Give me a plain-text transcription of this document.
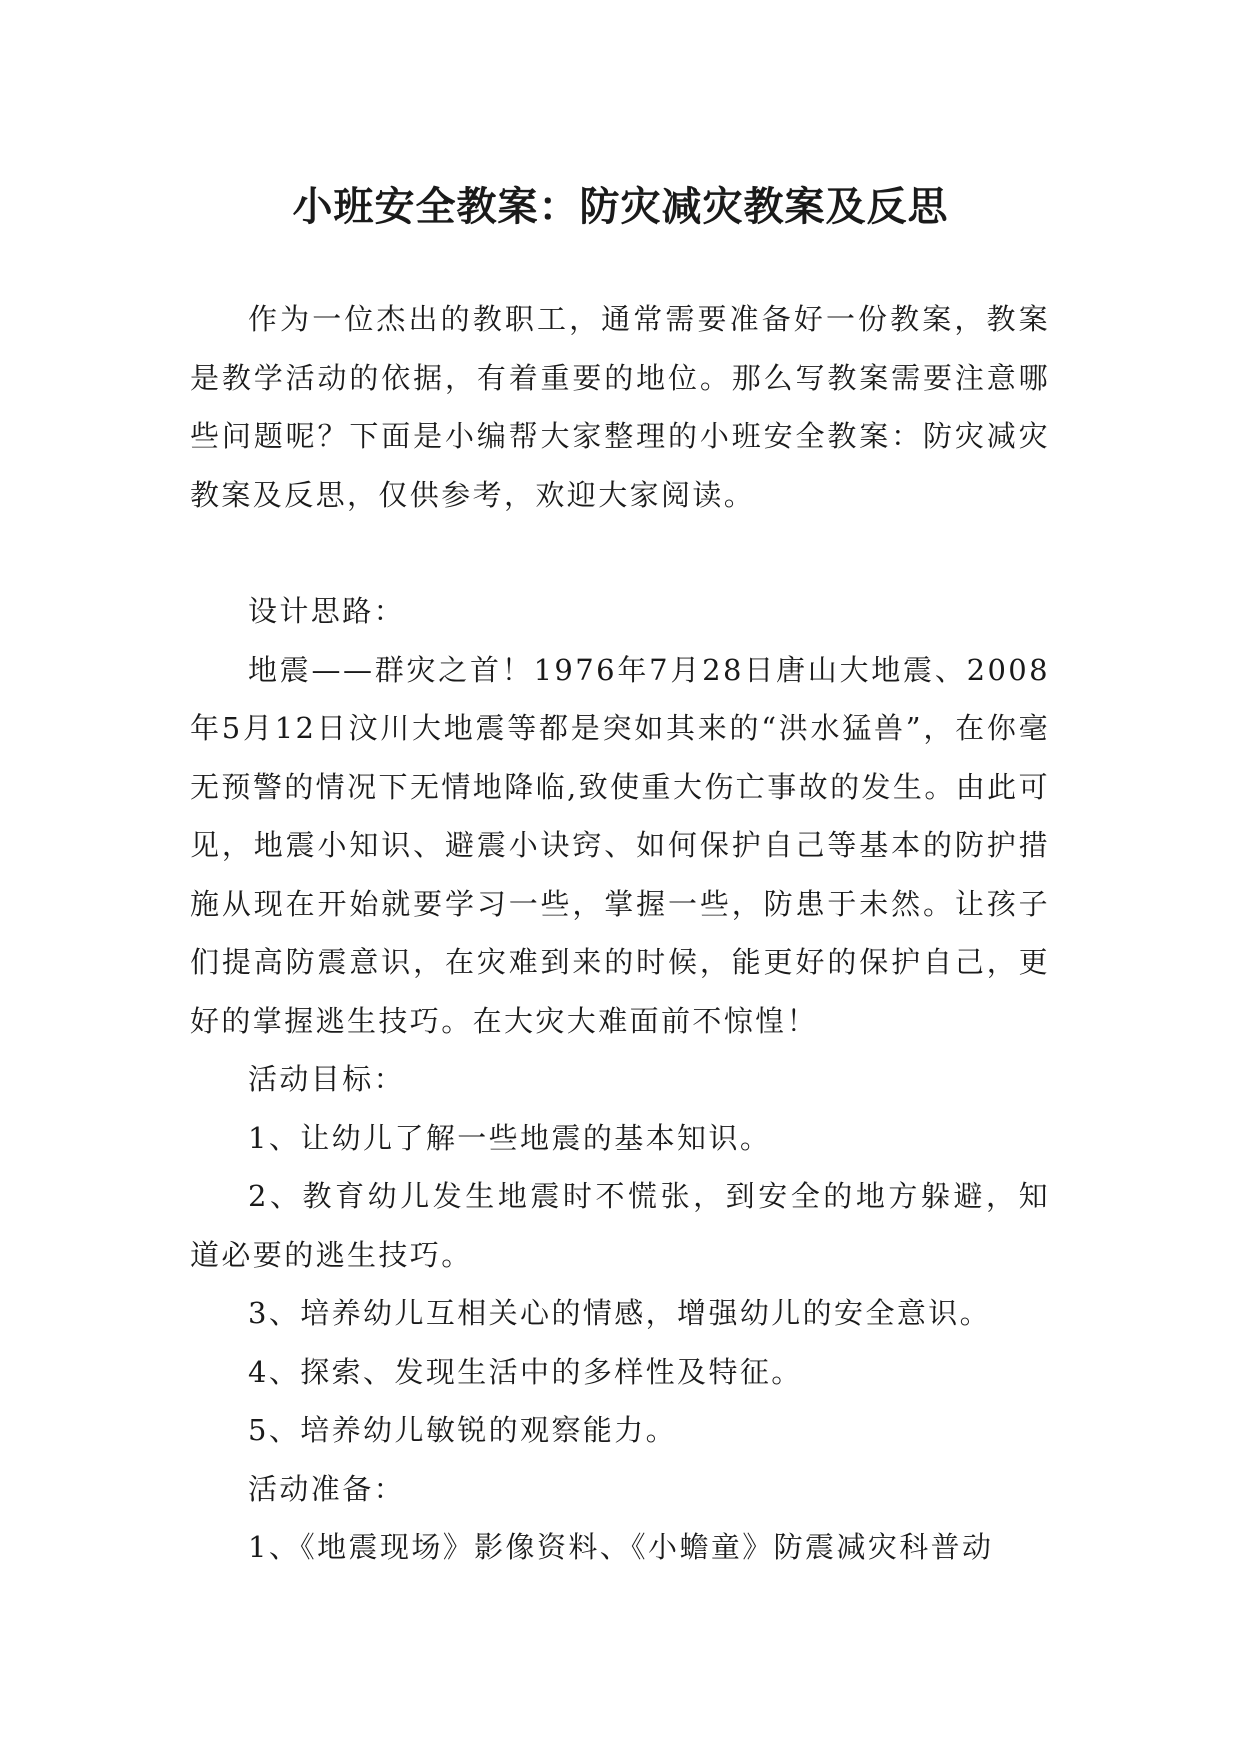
小班安全教案：防灾减灾教案及反思

作为一位杰出的教职工，通常需要准备好一份教案，教案是教学活动的依据，有着重要的地位。那么写教案需要注意哪些问题呢？下面是小编帮大家整理的小班安全教案：防灾减灾教案及反思，仅供参考，欢迎大家阅读。

设计思路：

地震——群灾之首！1976年7月28日唐山大地震、2008年5月12日汶川大地震等都是突如其来的“洪水猛兽”，在你毫无预警的情况下无情地降临,致使重大伤亡事故的发生。由此可见，地震小知识、避震小诀窍、如何保护自己等基本的防护措施从现在开始就要学习一些，掌握一些，防患于未然。让孩子们提高防震意识，在灾难到来的时候，能更好的保护自己，更好的掌握逃生技巧。在大灾大难面前不惊惶！

活动目标：

1、让幼儿了解一些地震的基本知识。

2、教育幼儿发生地震时不慌张，到安全的地方躲避，知道必要的逃生技巧。

3、培养幼儿互相关心的情感，增强幼儿的安全意识。

4、探索、发现生活中的多样性及特征。

5、培养幼儿敏锐的观察能力。

活动准备：

1、《地震现场》影像资料、《小蟾童》防震减灾科普动
